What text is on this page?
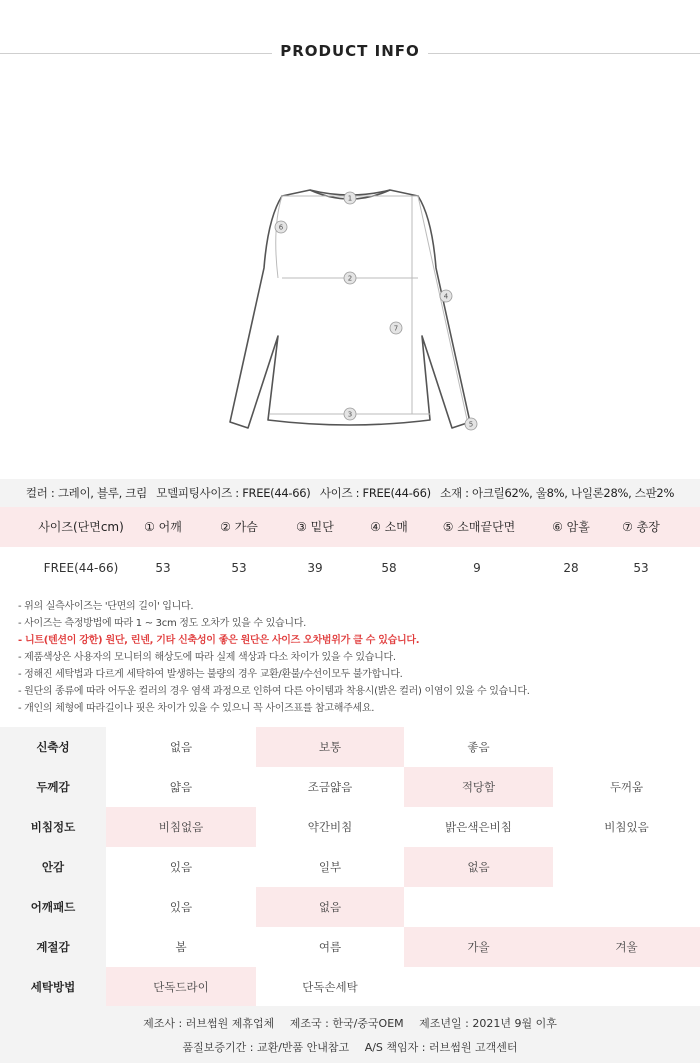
PRODUCT INFO
1
2
3
4
5
6
7
컬러 : 그레이, 블루, 크림 모델피팅사이즈 : FREE(44-66) 사이즈 : FREE(44-66) 소재 : 아크릴62%, 울8%, 나일론28%, 스판2%
사이즈(단면cm)	① 어깨	② 가슴	③ 밑단	④ 소매	⑤ 소매끝단면	⑥ 암홀	⑦ 총장
FREE(44-66)	53	53	39	58	9	28	53
- 위의 실측사이즈는 '단면의 길이' 입니다.
- 사이즈는 측정방법에 따라 1 ~ 3cm 정도 오차가 있을 수 있습니다.
- 니트(텐션이 강한) 원단, 린넨, 기타 신축성이 좋은 원단은 사이즈 오차범위가 클 수 있습니다.
- 제품색상은 사용자의 모니터의 해상도에 따라 실제 색상과 다소 차이가 있을 수 있습니다.
- 정해진 세탁법과 다르게 세탁하여 발생하는 불량의 경우 교환/환불/수선이모두 불가합니다.
- 원단의 종류에 따라 어두운 컬러의 경우 염색 과정으로 인하여 다른 아이템과 착용시(밝은 컬러) 이염이 있을 수 있습니다.
- 개인의 체형에 따라길이나 핏은 차이가 있을 수 있으니 꼭 사이즈표를 참고해주세요.
신축성	없음	보통	좋음
두께감	얇음	조금얇음	적당함	두꺼움
비침정도	비침없음	약간비침	밝은색은비침	비침있음
안감	있음	일부	없음
어깨패드	있음	없음
계절감	봄	여름	가을	겨울
세탁방법	단독드라이	단독손세탁
제조사 : 러브썸원 제휴업체 제조국 : 한국/중국OEM 제조년일 : 2021년 9월 이후
품질보증기간 : 교환/반품 안내참고 A/S 책임자 : 러브썸원 고객센터
